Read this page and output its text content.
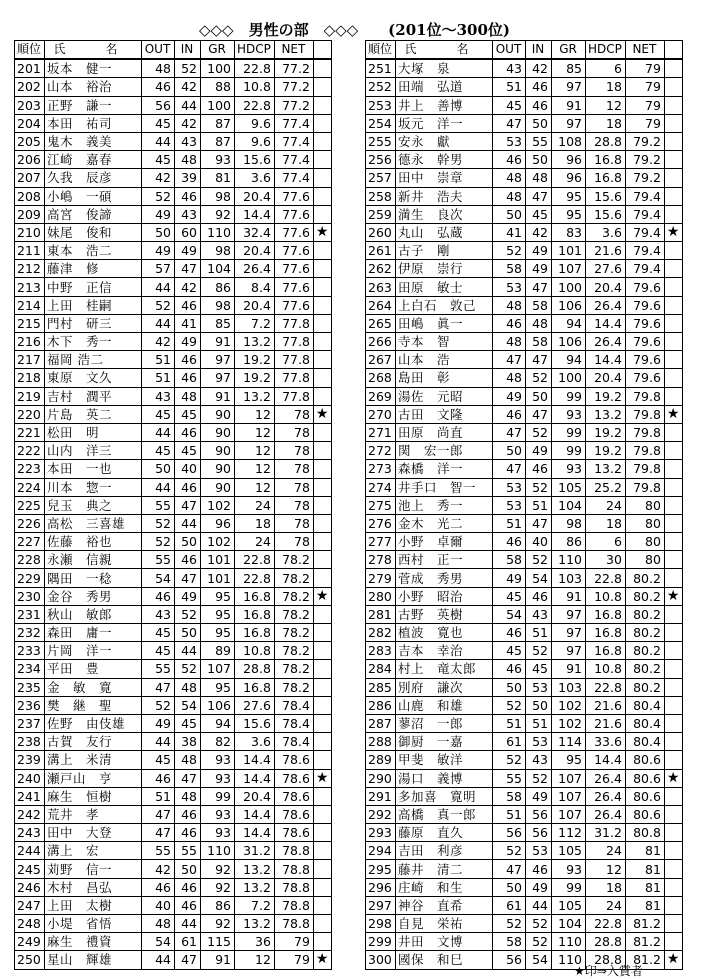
◇◇◇　男性の部　◇◇◇　　(201位～300位)
順位	氏　名	OUT	IN	GR	HDCP	NET	
201	坂本　健一	48	52	100	22.8	77.2	
202	山本　裕治	46	42	88	10.8	77.2	
203	正野　謙一	56	44	100	22.8	77.2	
204	本田　祐司	45	42	87	9.6	77.4	
205	鬼木　義美	44	43	87	9.6	77.4	
206	江崎　嘉春	45	48	93	15.6	77.4	
207	久我　辰彦	42	39	81	3.6	77.4	
208	小嶋　一碩	52	46	98	20.4	77.6	
209	高宮　俊諦	49	43	92	14.4	77.6	
210	妹尾　俊和	50	60	110	32.4	77.6	★
211	東本　浩二	49	49	98	20.4	77.6	
212	藤津　修	57	47	104	26.4	77.6	
213	中野　正信	44	42	86	8.4	77.6	
214	上田　桂嗣	52	46	98	20.4	77.6	
215	門村　研三	44	41	85	7.2	77.8	
216	木下　秀一	42	49	91	13.2	77.8	
217	福岡 浩二	51	46	97	19.2	77.8	
218	東原　文久	51	46	97	19.2	77.8	
219	吉村　潤平	43	48	91	13.2	77.8	
220	片島　英二	45	45	90	12	78	★
221	松田　明	44	46	90	12	78	
222	山内　洋三	45	45	90	12	78	
223	本田　一也	50	40	90	12	78	
224	川本　惣一	44	46	90	12	78	
225	兒玉　典之	55	47	102	24	78	
226	高松　三喜雄	52	44	96	18	78	
227	佐藤　裕也	52	50	102	24	78	
228	永瀬　信親	55	46	101	22.8	78.2	
229	隅田　一稔	54	47	101	22.8	78.2	
230	金谷　秀男	46	49	95	16.8	78.2	★
231	秋山　敏郎	43	52	95	16.8	78.2	
232	森田　庸一	45	50	95	16.8	78.2	
233	片岡　洋一	45	44	89	10.8	78.2	
234	平田　豊	55	52	107	28.8	78.2	
235	金　敏　寛	47	48	95	16.8	78.2	
236	樊　継　聖	52	54	106	27.6	78.4	
237	佐野　由伎雄	49	45	94	15.6	78.4	
238	古賀　友行	44	38	82	3.6	78.4	
239	溝上　米清	45	48	93	14.4	78.6	
240	瀬戸山　亨	46	47	93	14.4	78.6	★
241	麻生　恒樹	51	48	99	20.4	78.6	
242	荒井　孝	47	46	93	14.4	78.6	
243	田中　大登	47	46	93	14.4	78.6	
244	溝上　宏	55	55	110	31.2	78.8	
245	苅野　信一	42	50	92	13.2	78.8	
246	木村　昌弘	46	46	92	13.2	78.8	
247	上田　太樹	40	46	86	7.2	78.8	
248	小堤　省悟	48	44	92	13.2	78.8	
249	麻生　禮資	54	61	115	36	79	
250	星山　輝雄	44	47	91	12	79	★
順位	氏　名	OUT	IN	GR	HDCP	NET	
251	大塚　泉	43	42	85	6	79	
252	田端　弘道	51	46	97	18	79	
253	井上　善博	45	46	91	12	79	
254	坂元　洋一	47	50	97	18	79	
255	安永　獻	53	55	108	28.8	79.2	
256	德永　幹男	46	50	96	16.8	79.2	
257	田中　崇章	48	48	96	16.8	79.2	
258	新井　浩夫	48	47	95	15.6	79.4	
259	満生　良次	50	45	95	15.6	79.4	
260	丸山　弘蔵	41	42	83	3.6	79.4	★
261	古子　剛	52	49	101	21.6	79.4	
262	伊原　崇行	58	49	107	27.6	79.4	
263	田原　敏士	53	47	100	20.4	79.6	
264	上白石　敦己	48	58	106	26.4	79.6	
265	田嶋　眞一	46	48	94	14.4	79.6	
266	寺本　智	48	58	106	26.4	79.6	
267	山本　浩	47	47	94	14.4	79.6	
268	島田　彰	48	52	100	20.4	79.6	
269	湯佐　元昭	49	50	99	19.2	79.8	
270	古田　文隆	46	47	93	13.2	79.8	★
271	田原　尚直	47	52	99	19.2	79.8	
272	関　宏一郎	50	49	99	19.2	79.8	
273	森橋　洋一	47	46	93	13.2	79.8	
274	井手口　智一	53	52	105	25.2	79.8	
275	池上　秀一	53	51	104	24	80	
276	金木　光二	51	47	98	18	80	
277	小野　卓爾	46	40	86	6	80	
278	西村　正一	58	52	110	30	80	
279	菅成　秀男	49	54	103	22.8	80.2	
280	小野　昭治	45	46	91	10.8	80.2	★
281	古野　英樹	54	43	97	16.8	80.2	
282	植波　寛也	46	51	97	16.8	80.2	
283	吉本　幸治	45	52	97	16.8	80.2	
284	村上　竜太郎	46	45	91	10.8	80.2	
285	別府　謙次	50	53	103	22.8	80.2	
286	山鹿　和雄	52	50	102	21.6	80.4	
287	蓼沼　一郎	51	51	102	21.6	80.4	
288	御厨　一嘉	61	53	114	33.6	80.4	
289	甲斐　敏洋	52	43	95	14.4	80.6	
290	湯口　義博	55	52	107	26.4	80.6	★
291	多加喜　寛明	58	49	107	26.4	80.6	
292	高橋　真一郎	51	56	107	26.4	80.6	
293	藤原　直久	56	56	112	31.2	80.8	
294	吉田　利彦	52	53	105	24	81	
295	藤井　清二	47	46	93	12	81	
296	庄崎　和生	50	49	99	18	81	
297	神谷　直希	61	44	105	24	81	
298	自見　栄祐	52	52	104	22.8	81.2	
299	井田　文博	58	52	110	28.8	81.2	
300	國保　和巳	56	54	110	28.8	81.2	★
★印⇒入賞者
